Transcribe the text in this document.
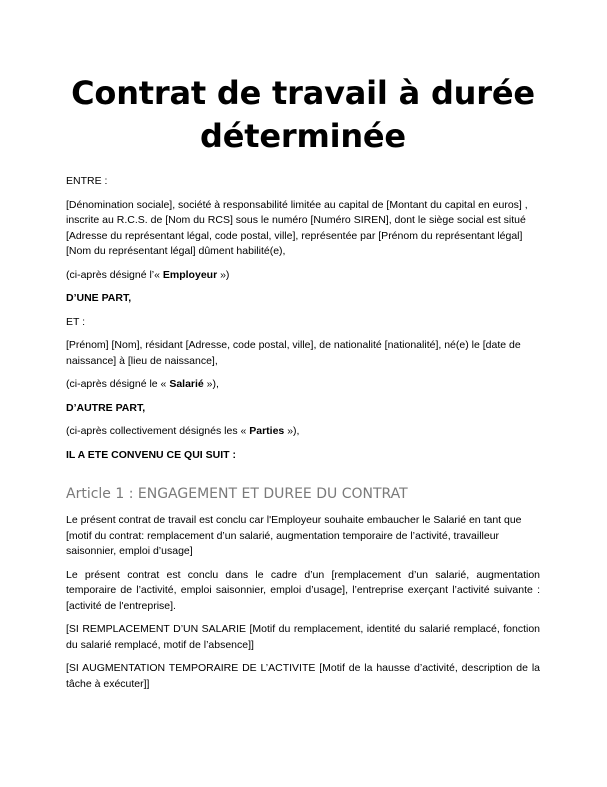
Contrat de travail à durée déterminée

ENTRE :

[Dénomination sociale], société à responsabilité limitée au capital de [Montant du capital en euros] , inscrite au R.C.S. de [Nom du RCS] sous le numéro [Numéro SIREN], dont le siège social est situé [Adresse du représentant légal, code postal, ville], représentée par [Prénom du représentant légal] [Nom du représentant légal] dûment habilité(e),

(ci-après désigné l’« Employeur »)

D’UNE PART,

ET :

[Prénom] [Nom], résidant [Adresse, code postal, ville], de nationalité [nationalité], né(e) le [date de naissance] à [lieu de naissance],

(ci-après désigné le « Salarié »),

D’AUTRE PART,

(ci-après collectivement désignés les « Parties »),

IL A ETE CONVENU CE QUI SUIT :

Article 1 : ENGAGEMENT ET DUREE DU CONTRAT

Le présent contrat de travail est conclu car l'Employeur souhaite embaucher le Salarié en tant que [motif du contrat: remplacement d’un salarié, augmentation temporaire de l’activité, travailleur saisonnier, emploi d’usage]

Le présent contrat est conclu dans le cadre d’un [remplacement d’un salarié, augmentation temporaire de l’activité, emploi saisonnier, emploi d’usage], l’entreprise exerçant l’activité suivante : [activité de l'entreprise].

[SI REMPLACEMENT D’UN SALARIE [Motif du remplacement, identité du salarié remplacé, fonction du salarié remplacé, motif de l’absence]]

[SI AUGMENTATION TEMPORAIRE DE L’ACTIVITE [Motif de la hausse d’activité, description de la tâche à exécuter]]
